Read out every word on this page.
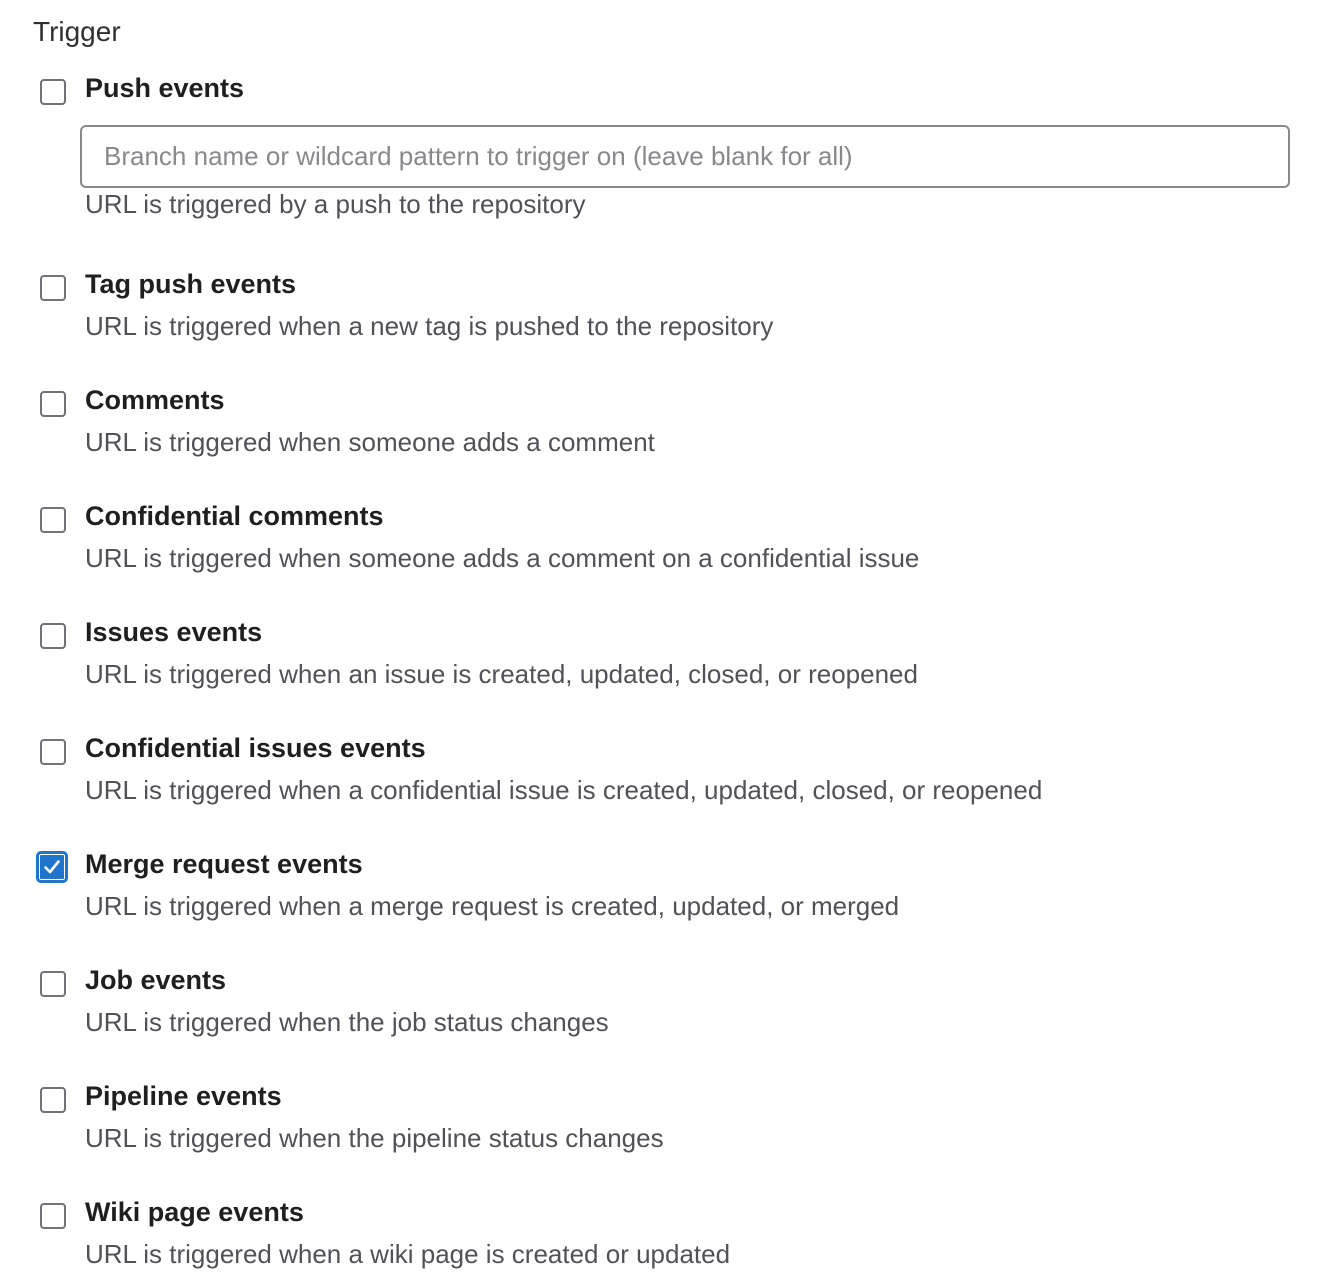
Trigger
Push events
Branch name or wildcard pattern to trigger on (leave blank for all)
URL is triggered by a push to the repository
Tag push events
URL is triggered when a new tag is pushed to the repository
Comments
URL is triggered when someone adds a comment
Confidential comments
URL is triggered when someone adds a comment on a confidential issue
Issues events
URL is triggered when an issue is created, updated, closed, or reopened
Confidential issues events
URL is triggered when a confidential issue is created, updated, closed, or reopened
Merge request events
URL is triggered when a merge request is created, updated, or merged
Job events
URL is triggered when the job status changes
Pipeline events
URL is triggered when the pipeline status changes
Wiki page events
URL is triggered when a wiki page is created or updated
